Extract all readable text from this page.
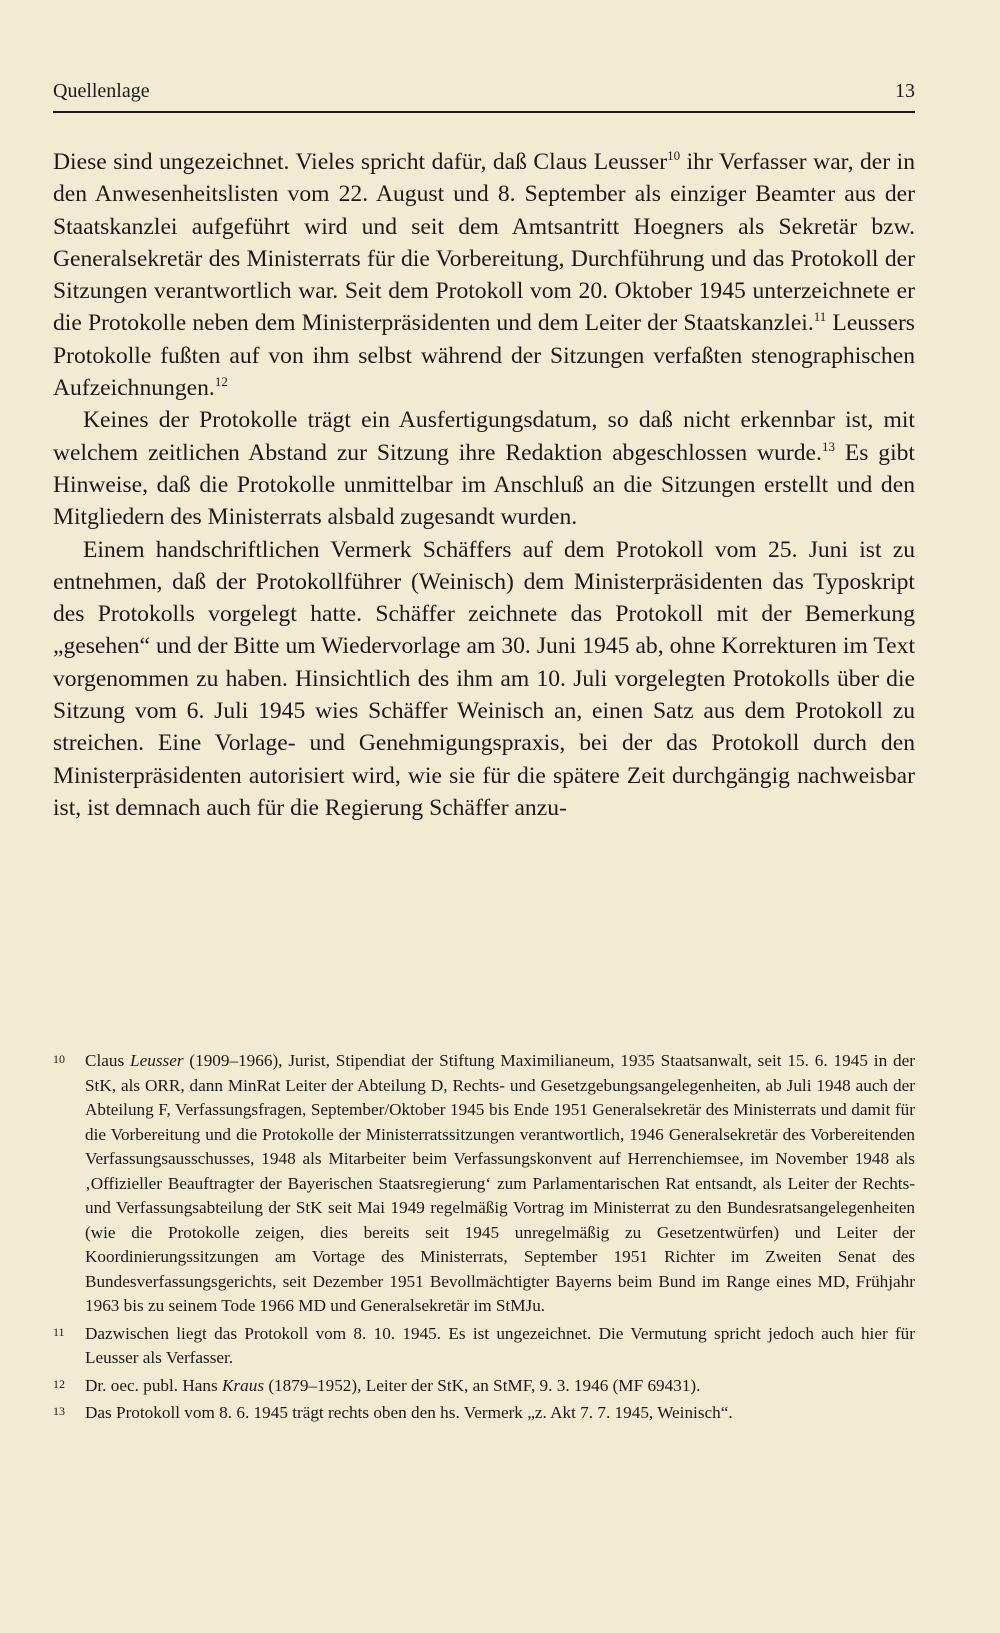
Quellenlage	13

Diese sind ungezeichnet. Vieles spricht dafür, daß Claus Leusser$^{10}$ ihr Verfasser war, der in den Anwesenheitslisten vom 22. August und 8. September als einziger Beamter aus der Staatskanzlei aufgeführt wird und seit dem Amtsantritt Hoegners als Sekretär bzw. Generalsekretär des Ministerrats für die Vorbereitung, Durchführung und das Protokoll der Sitzungen verantwortlich war. Seit dem Protokoll vom 20. Oktober 1945 unterzeichnete er die Protokolle neben dem Ministerpräsidenten und dem Leiter der Staatskanzlei.$^{11}$ Leussers Protokolle fußten auf von ihm selbst während der Sitzungen verfaßten stenographischen Aufzeichnungen.$^{12}$

Keines der Protokolle trägt ein Ausfertigungsdatum, so daß nicht erkennbar ist, mit welchem zeitlichen Abstand zur Sitzung ihre Redaktion abgeschlossen wurde.$^{13}$ Es gibt Hinweise, daß die Protokolle unmittelbar im Anschluß an die Sitzungen erstellt und den Mitgliedern des Ministerrats alsbald zugesandt wurden.

Einem handschriftlichen Vermerk Schäffers auf dem Protokoll vom 25. Juni ist zu entnehmen, daß der Protokollführer (Weinisch) dem Ministerpräsidenten das Typoskript des Protokolls vorgelegt hatte. Schäffer zeichnete das Protokoll mit der Bemerkung „gesehen“ und der Bitte um Wiedervorlage am 30. Juni 1945 ab, ohne Korrekturen im Text vorgenommen zu haben. Hinsichtlich des ihm am 10. Juli vorgelegten Protokolls über die Sitzung vom 6. Juli 1945 wies Schäffer Weinisch an, einen Satz aus dem Protokoll zu streichen. Eine Vorlage- und Genehmigungspraxis, bei der das Protokoll durch den Ministerpräsidenten autorisiert wird, wie sie für die spätere Zeit durchgängig nachweisbar ist, ist demnach auch für die Regierung Schäffer anzu-

10 Claus Leusser (1909–1966), Jurist, Stipendiat der Stiftung Maximilianeum, 1935 Staatsanwalt, seit 15. 6. 1945 in der StK, als ORR, dann MinRat Leiter der Abteilung D, Rechts- und Gesetzgebungsangelegenheiten, ab Juli 1948 auch der Abteilung F, Verfassungsfragen, September/Oktober 1945 bis Ende 1951 Generalsekretär des Ministerrats und damit für die Vorbereitung und die Protokolle der Ministerratssitzungen verantwortlich, 1946 Generalsekretär des Vorbereitenden Verfassungsausschusses, 1948 als Mitarbeiter beim Verfassungskonvent auf Herrenchiemsee, im November 1948 als ‚Offizieller Beauftragter der Bayerischen Staatsregierung‘ zum Parlamentarischen Rat entsandt, als Leiter der Rechts- und Verfassungsabteilung der StK seit Mai 1949 regelmäßig Vortrag im Ministerrat zu den Bundesratsangelegenheiten (wie die Protokolle zeigen, dies bereits seit 1945 unregelmäßig zu Gesetzentwürfen) und Leiter der Koordinierungssitzungen am Vortage des Ministerrats, September 1951 Richter im Zweiten Senat des Bundesverfassungsgerichts, seit Dezember 1951 Bevollmächtigter Bayerns beim Bund im Range eines MD, Frühjahr 1963 bis zu seinem Tode 1966 MD und Generalsekretär im StMJu.
11 Dazwischen liegt das Protokoll vom 8. 10. 1945. Es ist ungezeichnet. Die Vermutung spricht jedoch auch hier für Leusser als Verfasser.
12 Dr. oec. publ. Hans Kraus (1879–1952), Leiter der StK, an StMF, 9. 3. 1946 (MF 69431).
13 Das Protokoll vom 8. 6. 1945 trägt rechts oben den hs. Vermerk „z. Akt 7. 7. 1945, Weinisch“.
